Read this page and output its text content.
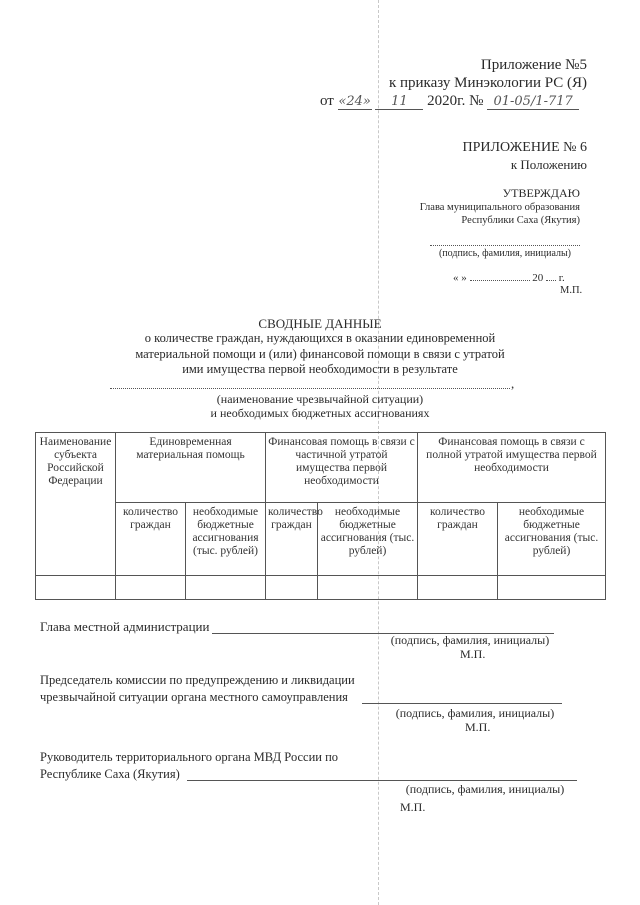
Приложение №5
к приказу Минэкологии РС (Я)
от «24» 11 2020г. № 01-05/1-717
ПРИЛОЖЕНИЕ № 6
к Положению
УТВЕРЖДАЮ
Глава муниципального образования
Республики Саха (Якутия)
(подпись, фамилия, инициалы)
« »	20 г.
М.П.
СВОДНЫЕ ДАННЫЕ
о количестве граждан, нуждающихся в оказании единовременной
материальной помощи и (или) финансовой помощи в связи с утратой
ими имущества первой необходимости в результате
,
(наименование чрезвычайной ситуации)
и необходимых бюджетных ассигнованиях
Наименование субъекта Российской Федерации	Единовременная материальная помощь		Финансовая помощь в связи с частичной утратой имущества первой необходимости		Финансовая помощь в связи с полной утратой имущества первой необходимости	
	количество граждан	необходимые бюджетные ассигнования (тыс. рублей)	количество граждан	необходимые бюджетные ассигнования (тыс. рублей)	количество граждан	необходимые бюджетные ассигнования (тыс. рублей)

Глава местной администрации
(подпись, фамилия, инициалы)
М.П.
Председатель комиссии по предупреждению и ликвидации
чрезвычайной ситуации органа местного самоуправления
(подпись, фамилия, инициалы)
М.П.
Руководитель территориального органа МВД России по
Республике Саха (Якутия)
(подпись, фамилия, инициалы)
М.П.
